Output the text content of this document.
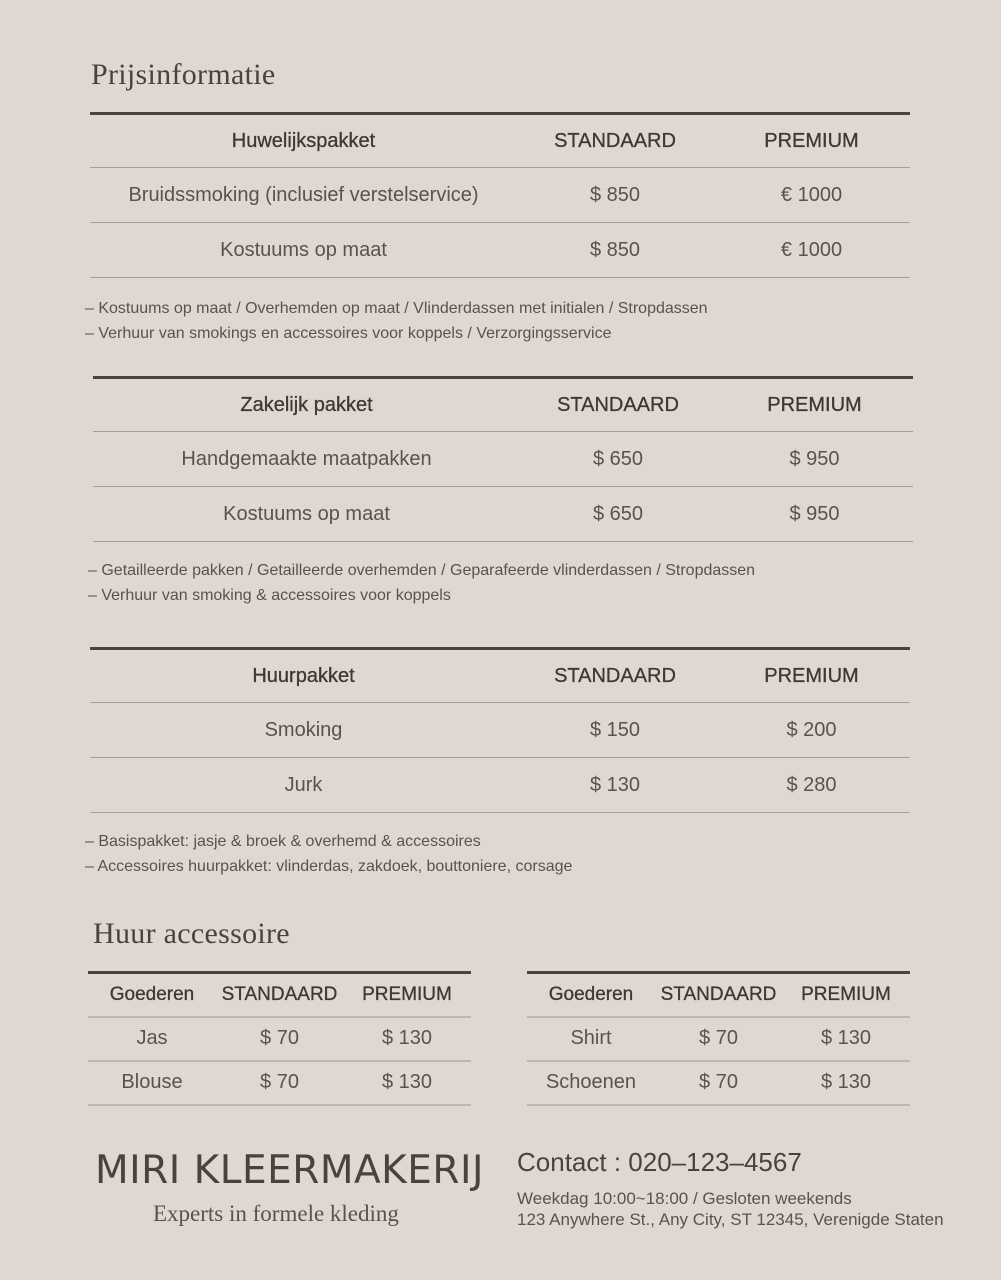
Prijsinformatie
Huwelijkspakket	STANDAARD	PREMIUM
Bruidssmoking (inclusief verstelservice)	$ 850	€ 1000
Kostuums op maat	$ 850	€ 1000
– Kostuums op maat / Overhemden op maat / Vlinderdassen met initialen / Stropdassen
– Verhuur van smokings en accessoires voor koppels / Verzorgingsservice
Zakelijk pakket	STANDAARD	PREMIUM
Handgemaakte maatpakken	$ 650	$ 950
Kostuums op maat	$ 650	$ 950
– Getailleerde pakken / Getailleerde overhemden / Geparafeerde vlinderdassen / Stropdassen
– Verhuur van smoking & accessoires voor koppels
Huurpakket	STANDAARD	PREMIUM
Smoking	$ 150	$ 200
Jurk	$ 130	$ 280
– Basispakket: jasje & broek & overhemd & accessoires
– Accessoires huurpakket: vlinderdas, zakdoek, bouttoniere, corsage
Huur accessoire
Goederen	STANDAARD	PREMIUM
Jas	$ 70	$ 130
Blouse	$ 70	$ 130
Goederen	STANDAARD	PREMIUM
Shirt	$ 70	$ 130
Schoenen	$ 70	$ 130
MIRI KLEERMAKERIJ
Experts in formele kleding
Contact : 020–123–4567
Weekdag 10:00~18:00 / Gesloten weekends
123 Anywhere St., Any City, ST 12345, Verenigde Staten
